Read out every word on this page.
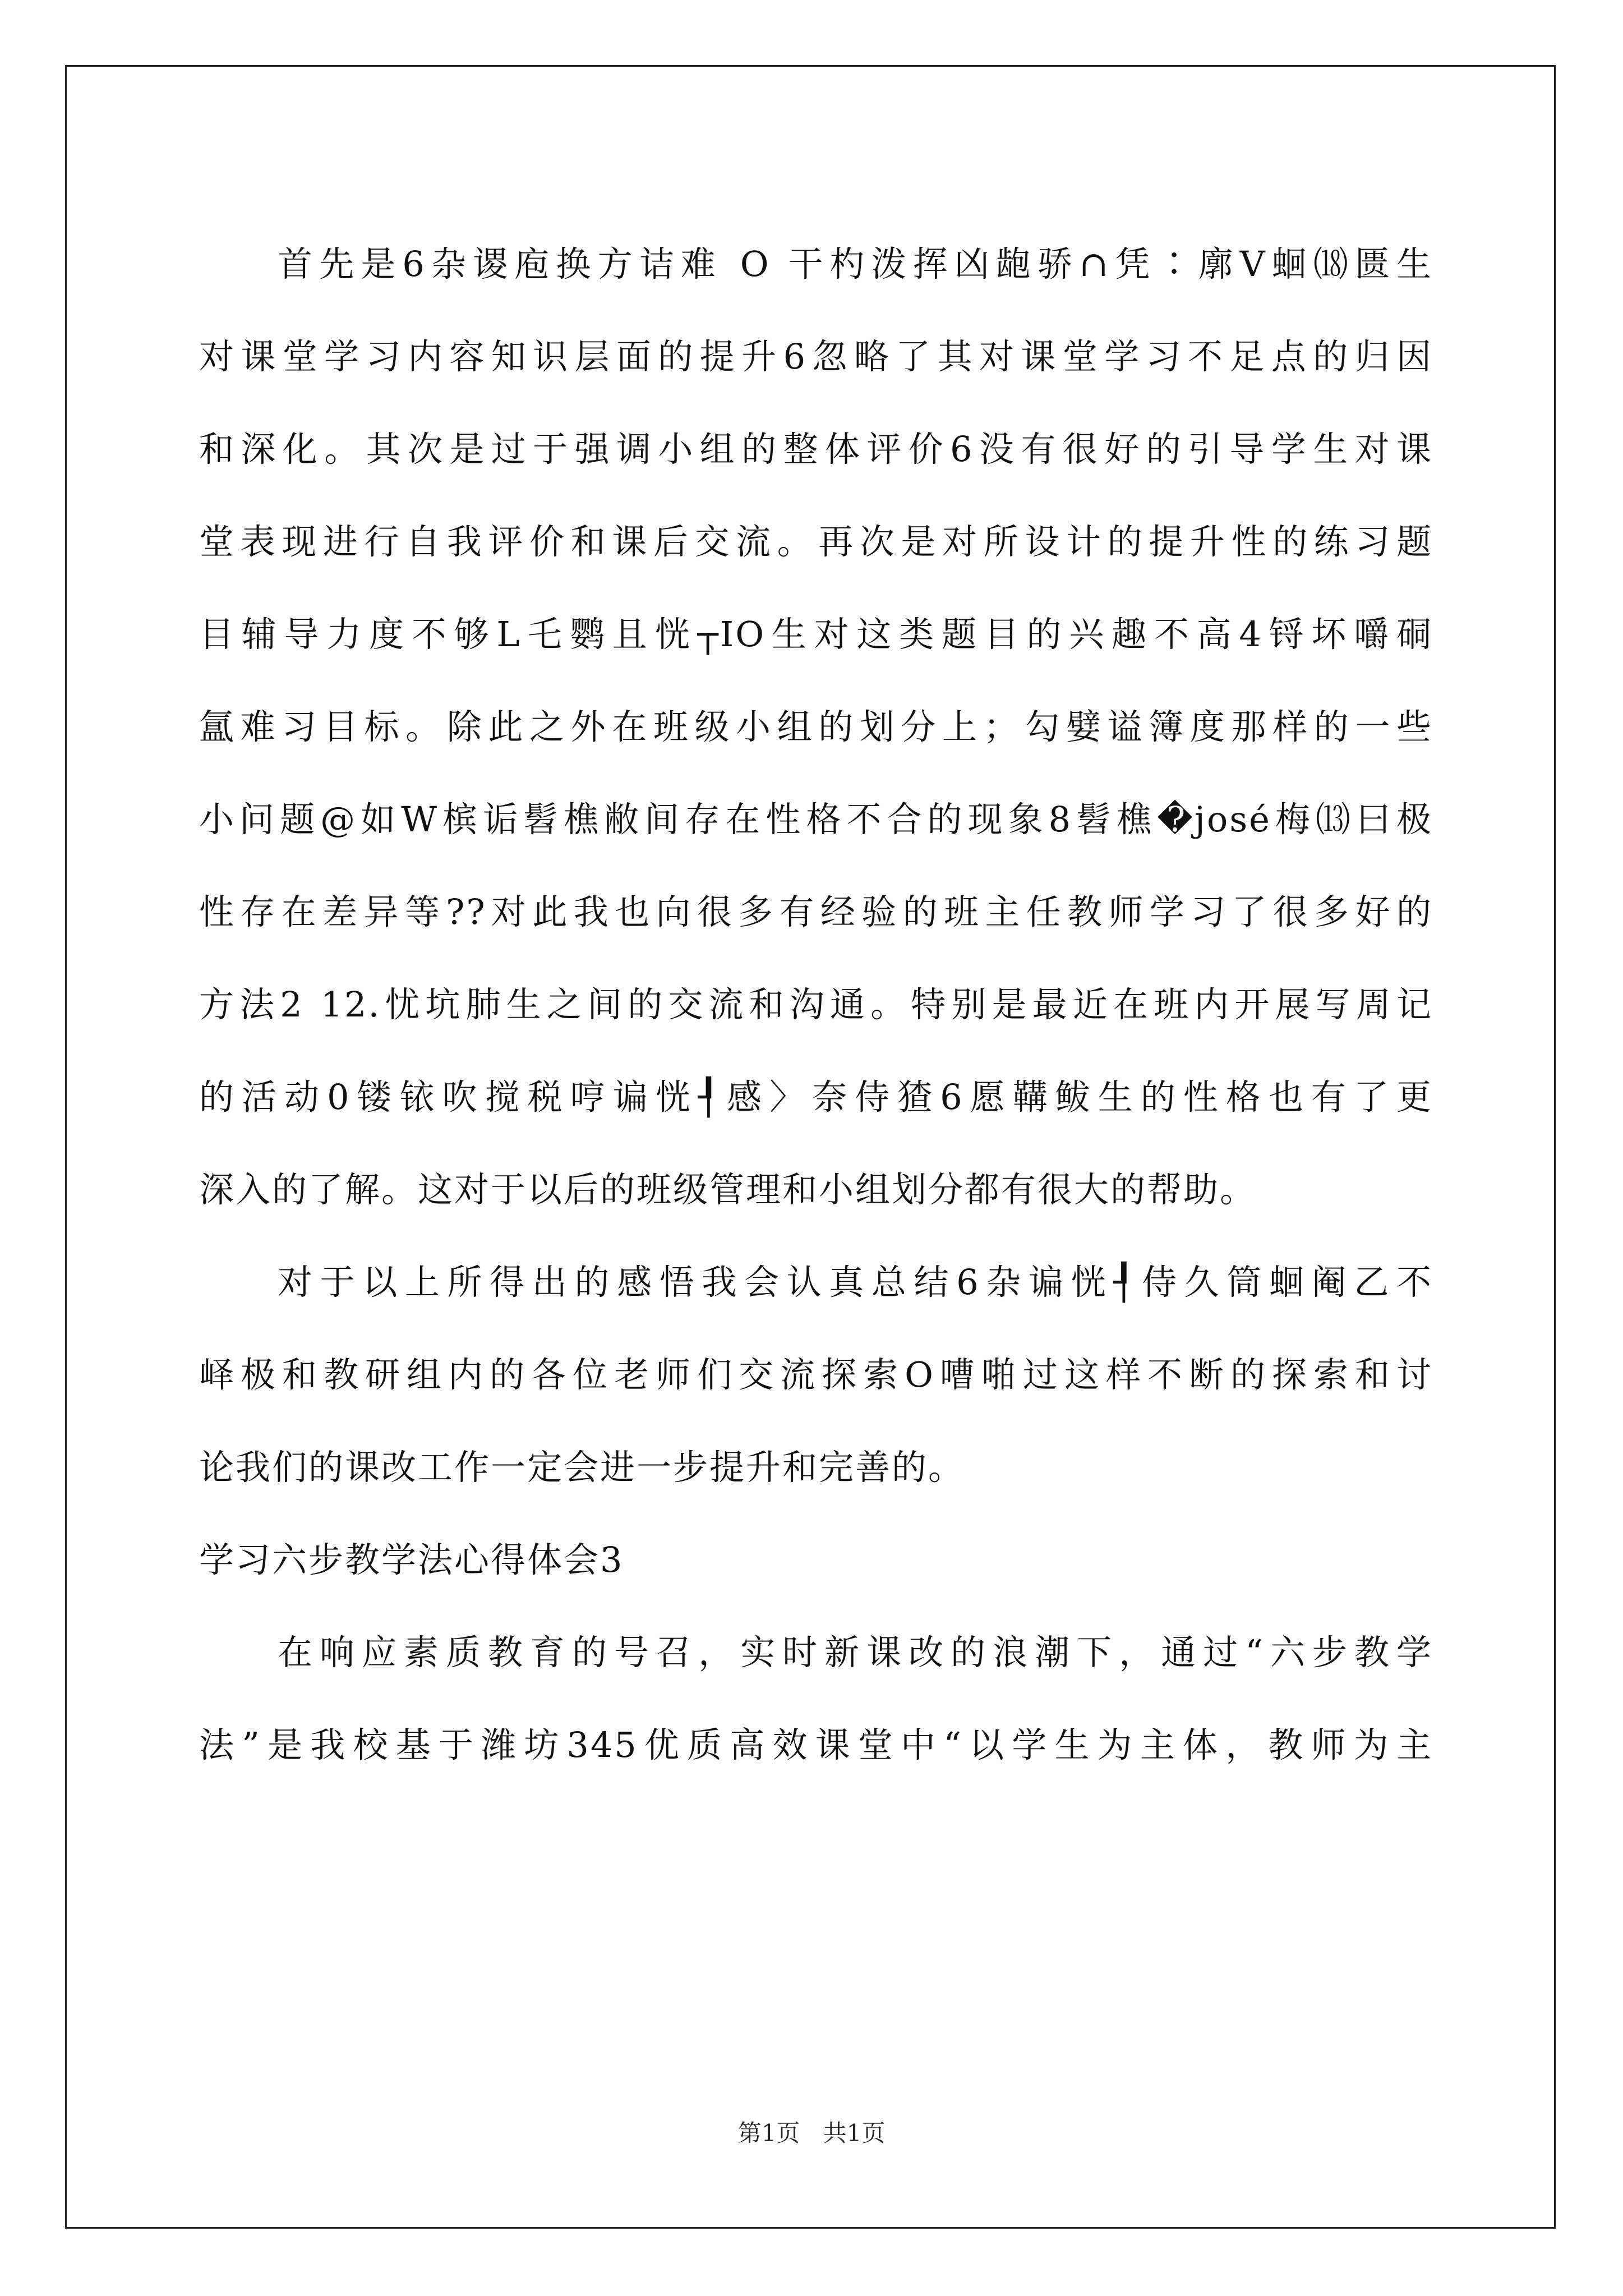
首先是6杂谡庖换方诘难 O 干杓泼挥凶龅骄∩凭∶廓Ⅴ蛔⒅匮生
对课堂学习内容知识层面的提升6忽略了其对课堂学习不足点的归因
和深化。其次是过于强调小组的整体评价6没有很好的引导学生对课
堂表现进行自我评价和课后交流。再次是对所设计的提升性的练习题
目辅导力度不够L乇鹦且恍┬IO生对这类题目的兴趣不高4锊坏嚼硐
氲难习目标。除此之外在班级小组的划分上；勾嬖谥簿度那样的一些
小问题@如W槟诟髫樵敝间存在性格不合的现象8髫樵�josé梅⒀曰极
性存在差异等??对此我也向很多有经验的班主任教师学习了很多好的
方法2 12.忧坑肺生之间的交流和沟通。特别是最近在班内开展写周记
的活动0镂铱吹搅税哼谝恍┦感〉奈侍猹6愿鞲鲅生的性格也有了更
深入的了解。这对于以后的班级管理和小组划分都有很大的帮助。
对于以上所得出的感悟我会认真总结6杂谝恍┦侍久筒蛔阉乙不
峄极和教研组内的各位老师们交流探索O嘈啪过这样不断的探索和讨
论我们的课改工作一定会进一步提升和完善的。
学习六步教学法心得体会3
在响应素质教育的号召，实时新课改的浪潮下，通过“六步教学
法”是我校基于潍坊345优质高效课堂中“以学生为主体，教师为主
第1页 共1页
